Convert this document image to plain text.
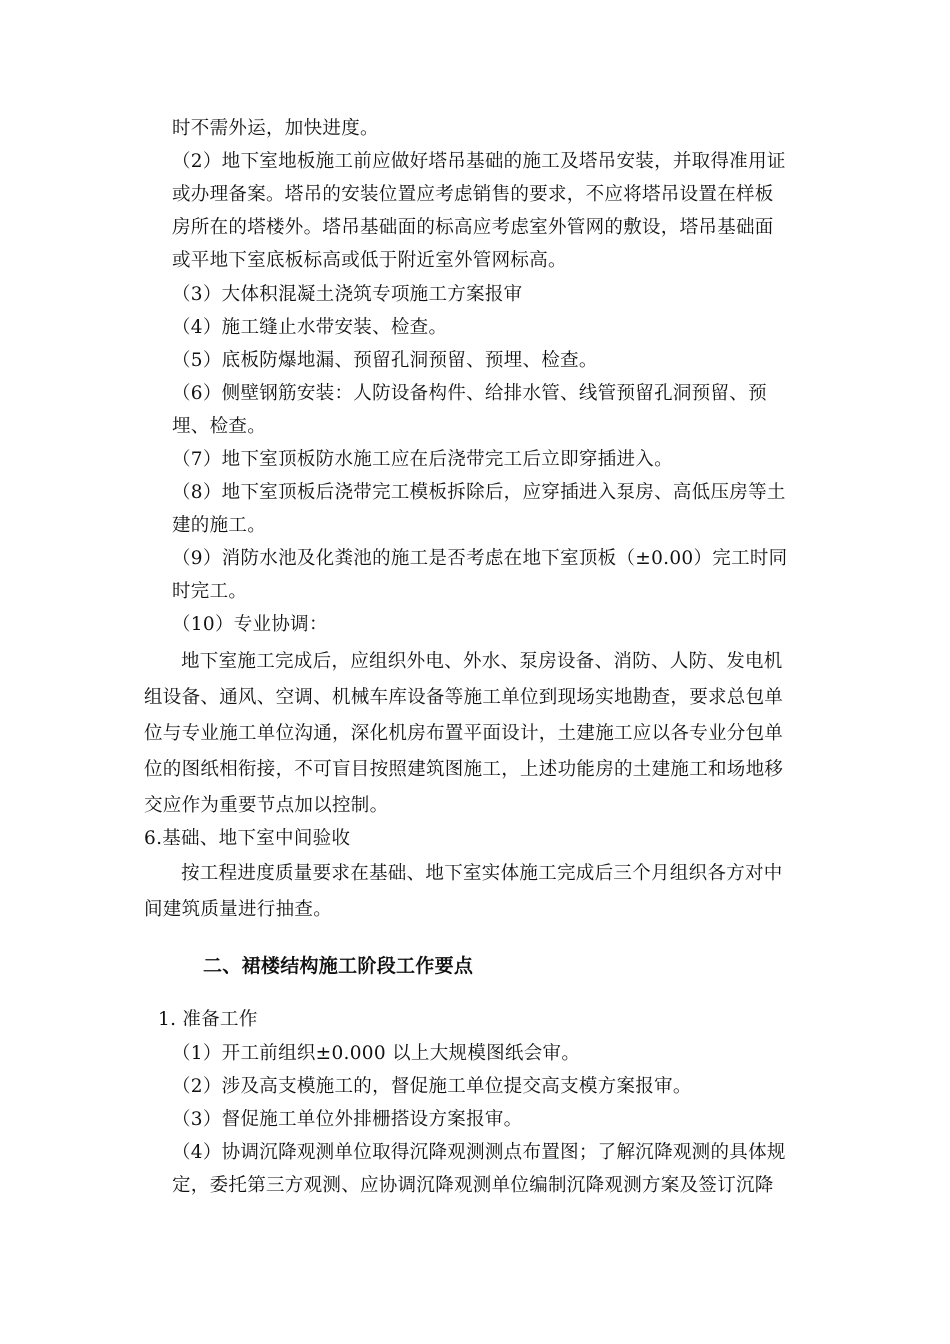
时不需外运，加快进度。
（2）地下室地板施工前应做好塔吊基础的施工及塔吊安装，并取得准用证
或办理备案。塔吊的安装位置应考虑销售的要求，不应将塔吊设置在样板
房所在的塔楼外。塔吊基础面的标高应考虑室外管网的敷设，塔吊基础面
或平地下室底板标高或低于附近室外管网标高。
（3）大体积混凝土浇筑专项施工方案报审
（4）施工缝止水带安装、检查。
（5）底板防爆地漏、预留孔洞预留、预埋、检查。
（6）侧壁钢筋安装：人防设备构件、给排水管、线管预留孔洞预留、预
埋、检查。
（7）地下室顶板防水施工应在后浇带完工后立即穿插进入。
（8）地下室顶板后浇带完工模板拆除后，应穿插进入泵房、高低压房等土
建的施工。
（9）消防水池及化粪池的施工是否考虑在地下室顶板（±0.00）完工时同
时完工。
（10）专业协调：
地下室施工完成后，应组织外电、外水、泵房设备、消防、人防、发电机
组设备、通风、空调、机械车库设备等施工单位到现场实地勘查，要求总包单
位与专业施工单位沟通，深化机房布置平面设计，土建施工应以各专业分包单
位的图纸相衔接，不可盲目按照建筑图施工，上述功能房的土建施工和场地移
交应作为重要节点加以控制。
6.基础、地下室中间验收
按工程进度质量要求在基础、地下室实体施工完成后三个月组织各方对中
间建筑质量进行抽查。
二、裙楼结构施工阶段工作要点
1. 准备工作
（1）开工前组织±0.000 以上大规模图纸会审。
（2）涉及高支模施工的，督促施工单位提交高支模方案报审。
（3）督促施工单位外排栅搭设方案报审。
（4）协调沉降观测单位取得沉降观测测点布置图；了解沉降观测的具体规
定，委托第三方观测、应协调沉降观测单位编制沉降观测方案及签订沉降
